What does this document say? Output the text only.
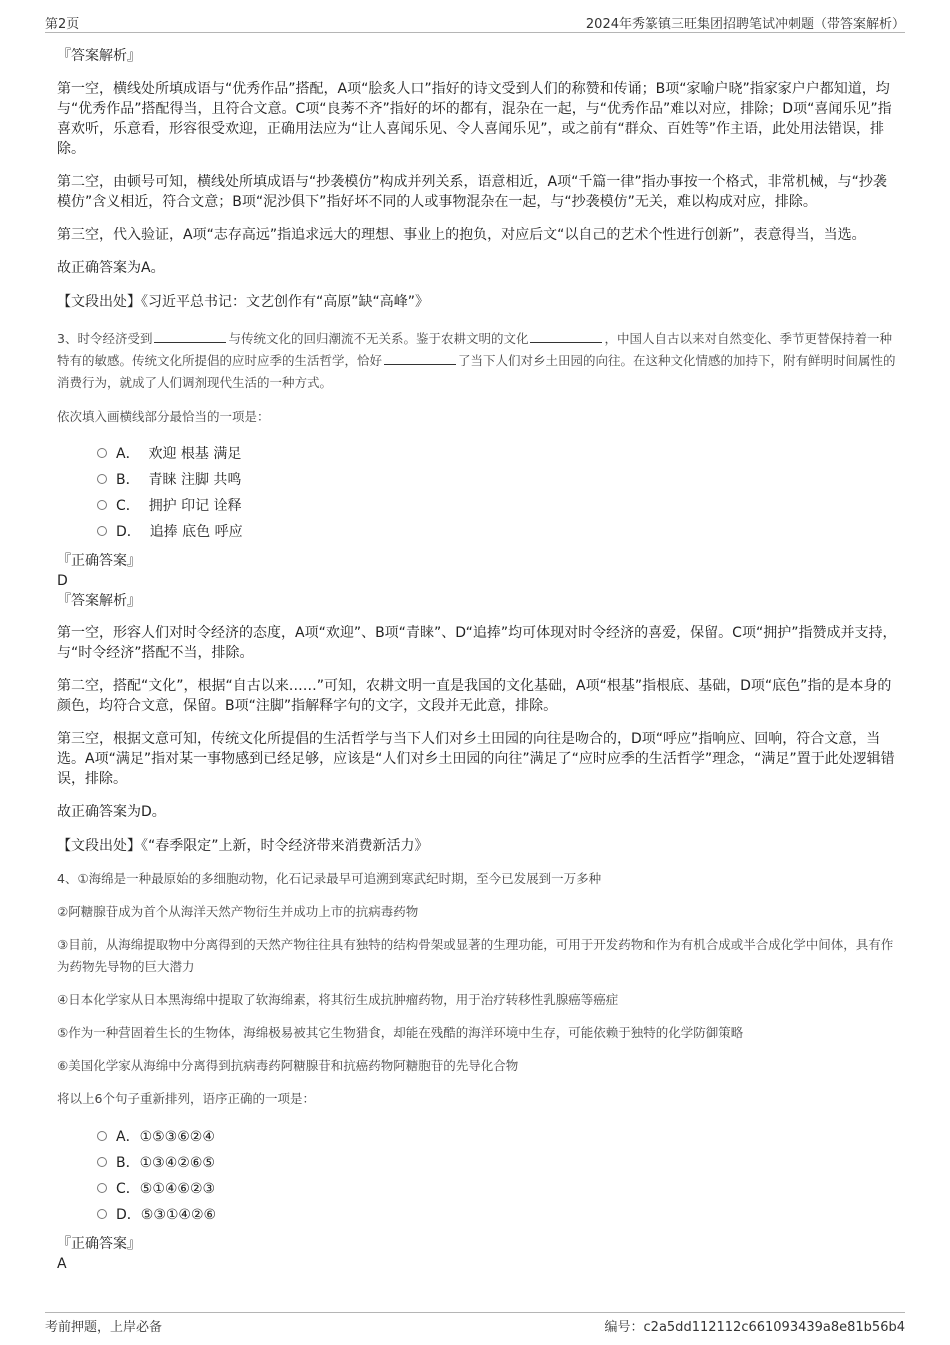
第2页	2024年秀篆镇三旺集团招聘笔试冲刺题（带答案解析）

『答案解析』

第一空，横线处所填成语与“优秀作品”搭配，A项“脍炙人口”指好的诗文受到人们的称赞和传诵；B项“家喻户晓”指家家户户都知道，均与“优秀作品”搭配得当，且符合文意。C项“良莠不齐”指好的坏的都有，混杂在一起，与“优秀作品”难以对应，排除；D项“喜闻乐见”指喜欢听，乐意看，形容很受欢迎，正确用法应为“让人喜闻乐见、令人喜闻乐见”，或之前有“群众、百姓等”作主语，此处用法错误，排除。

第二空，由顿号可知，横线处所填成语与“抄袭模仿”构成并列关系，语意相近，A项“千篇一律”指办事按一个格式，非常机械，与“抄袭模仿”含义相近，符合文意；B项“泥沙俱下”指好坏不同的人或事物混杂在一起，与“抄袭模仿”无关，难以构成对应，排除。

第三空，代入验证，A项“志存高远”指追求远大的理想、事业上的抱负，对应后文“以自己的艺术个性进行创新”，表意得当，当选。

故正确答案为A。

【文段出处】《习近平总书记：文艺创作有“高原”缺“高峰”》

3、时令经济受到	与传统文化的回归潮流不无关系。鉴于农耕文明的文化	，中国人自古以来对自然变化、季节更替保持着一种特有的敏感。传统文化所提倡的应时应季的生活哲学，恰好	了当下人们对乡土田园的向往。在这种文化情感的加持下，附有鲜明时间属性的消费行为，就成了人们调剂现代生活的一种方式。

依次填入画横线部分最恰当的一项是：

A． 欢迎 根基 满足
B． 青睐 注脚 共鸣
C． 拥护 印记 诠释
D． 追捧 底色 呼应

『正确答案』

D

『答案解析』

第一空，形容人们对时令经济的态度，A项“欢迎”、B项“青睐”、D“追捧”均可体现对时令经济的喜爱，保留。C项“拥护”指赞成并支持，与“时令经济”搭配不当，排除。

第二空，搭配“文化”，根据“自古以来……”可知，农耕文明一直是我国的文化基础，A项“根基”指根底、基础，D项“底色”指的是本身的颜色，均符合文意，保留。B项“注脚”指解释字句的文字，文段并无此意，排除。

第三空，根据文意可知，传统文化所提倡的生活哲学与当下人们对乡土田园的向往是吻合的，D项“呼应”指响应、回响，符合文意，当选。A项“满足”指对某一事物感到已经足够，应该是“人们对乡土田园的向往”满足了“应时应季的生活哲学”理念，“满足”置于此处逻辑错误，排除。

故正确答案为D。

【文段出处】《“春季限定”上新，时令经济带来消费新活力》

4、①海绵是一种最原始的多细胞动物，化石记录最早可追溯到寒武纪时期，至今已发展到一万多种

②阿糖腺苷成为首个从海洋天然产物衍生并成功上市的抗病毒药物

③目前，从海绵提取物中分离得到的天然产物往往具有独特的结构骨架或显著的生理功能，可用于开发药物和作为有机合成或半合成化学中间体，具有作为药物先导物的巨大潜力

④日本化学家从日本黑海绵中提取了软海绵素，将其衍生成抗肿瘤药物，用于治疗转移性乳腺癌等癌症

⑤作为一种营固着生长的生物体，海绵极易被其它生物猎食，却能在残酷的海洋环境中生存，可能依赖于独特的化学防御策略

⑥美国化学家从海绵中分离得到抗病毒药阿糖腺苷和抗癌药物阿糖胞苷的先导化合物

将以上6个句子重新排列，语序正确的一项是：

A．①⑤③⑥②④
B．①③④②⑥⑤
C．⑤①④⑥②③
D．⑤③①④②⑥

『正确答案』

A

考前押题，上岸必备	编号：c2a5dd112112c661093439a8e81b56b4
